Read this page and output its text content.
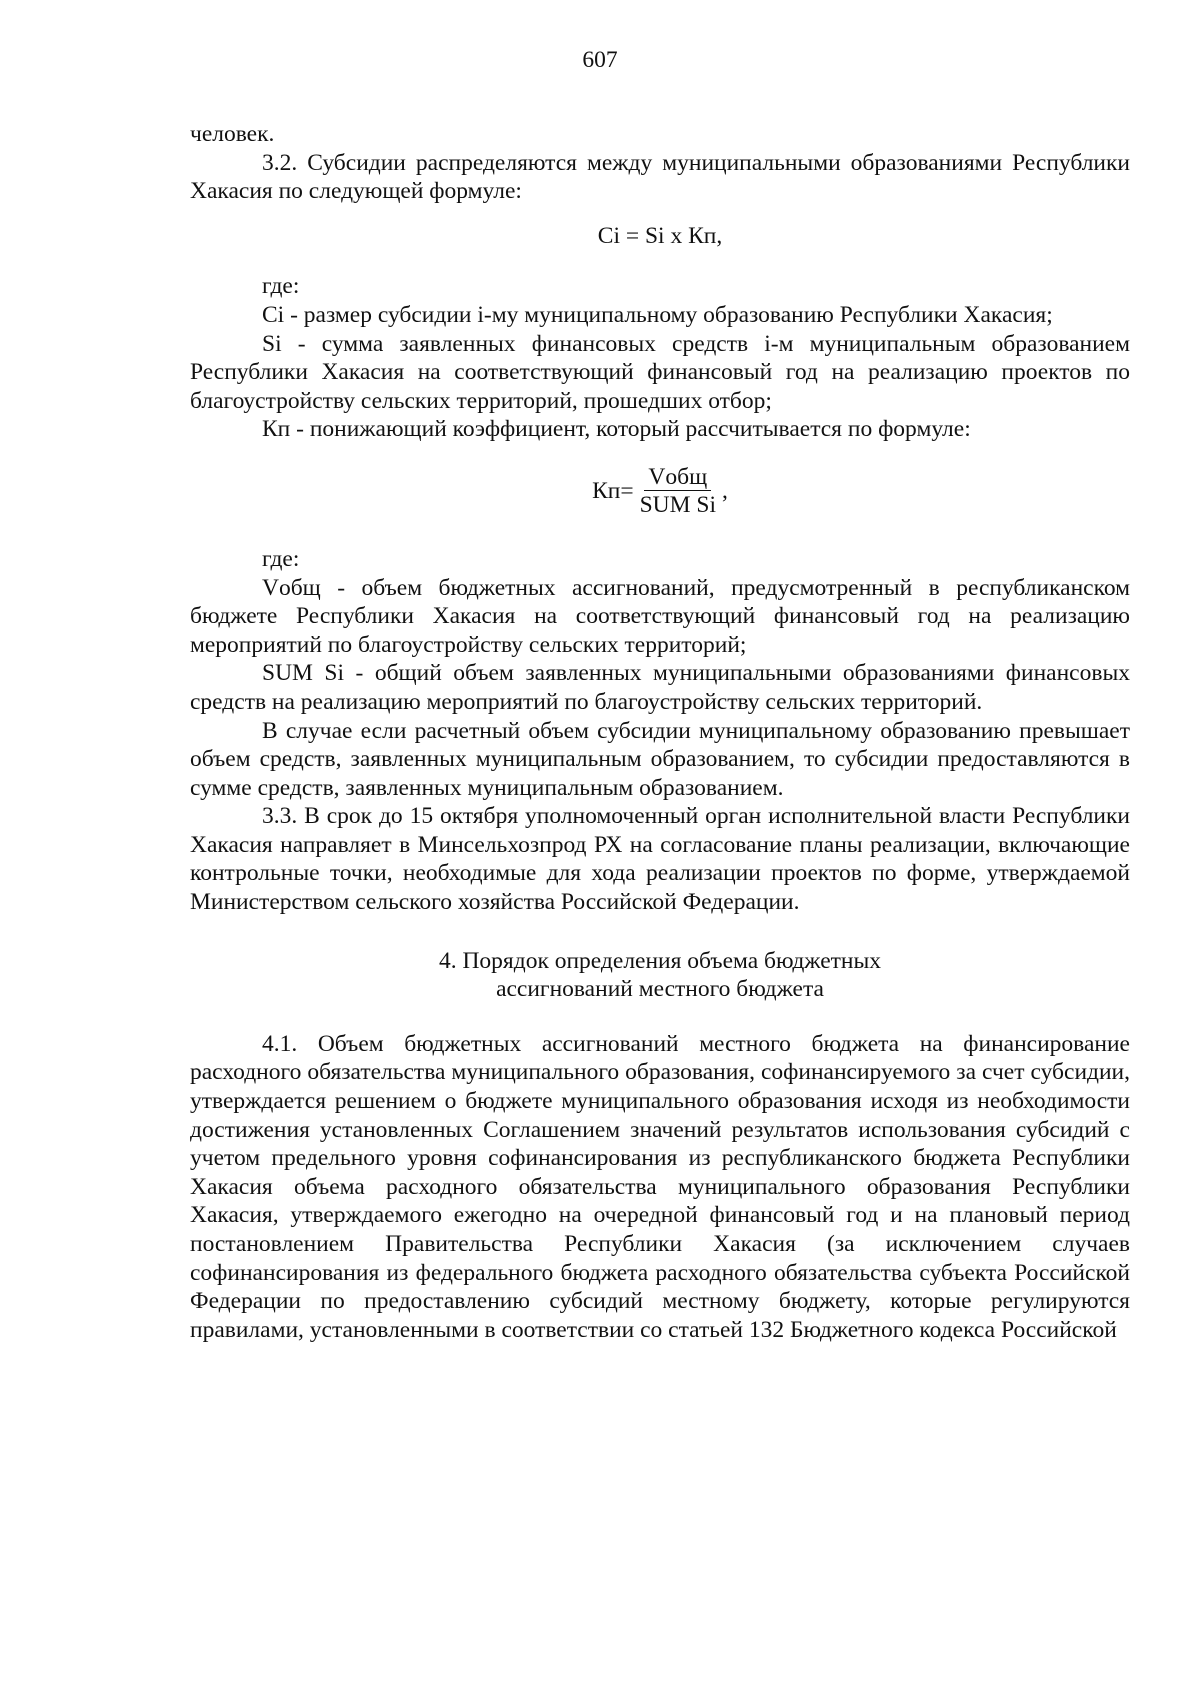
607

человек.

3.2. Субсидии распределяются между муниципальными образованиями Республики Хакасия по следующей формуле:

Ci = Si x Кп,

где:

Ci - размер субсидии i-му муниципальному образованию Республики Хакасия;

Si - сумма заявленных финансовых средств i-м муниципальным образованием Республики Хакасия на соответствующий финансовый год на реализацию проектов по благоустройству сельских территорий, прошедших отбор;

Кп - понижающий коэффициент, который рассчитывается по формуле:

$Кп= \frac{\text{Vобщ}}{\text{SUM Si}}$ ,

где:

Vобщ - объем бюджетных ассигнований, предусмотренный в республиканском бюджете Республики Хакасия на соответствующий финансовый год на реализацию мероприятий по благоустройству сельских территорий;

SUM Si - общий объем заявленных муниципальными образованиями финансовых средств на реализацию мероприятий по благоустройству сельских территорий.

В случае если расчетный объем субсидии муниципальному образованию превышает объем средств, заявленных муниципальным образованием, то субсидии предоставляются в сумме средств, заявленных муниципальным образованием.

3.3. В срок до 15 октября уполномоченный орган исполнительной власти Республики Хакасия направляет в Минсельхозпрод РХ на согласование планы реализации, включающие контрольные точки, необходимые для хода реализации проектов по форме, утверждаемой Министерством сельского хозяйства Российской Федерации.

4. Порядок определения объема бюджетных
ассигнований местного бюджета

4.1. Объем бюджетных ассигнований местного бюджета на финансирование расходного обязательства муниципального образования, софинансируемого за счет субсидии, утверждается решением о бюджете муниципального образования исходя из необходимости достижения установленных Соглашением значений результатов использования субсидий с учетом предельного уровня софинансирования из республиканского бюджета Республики Хакасия объема расходного обязательства муниципального образования Республики Хакасия, утверждаемого ежегодно на очередной финансовый год и на плановый период постановлением Правительства Республики Хакасия (за исключением случаев софинансирования из федерального бюджета расходного обязательства субъекта Российской Федерации по предоставлению субсидий местному бюджету, которые регулируются правилами, установленными в соответствии со статьей 132 Бюджетного кодекса Российской
